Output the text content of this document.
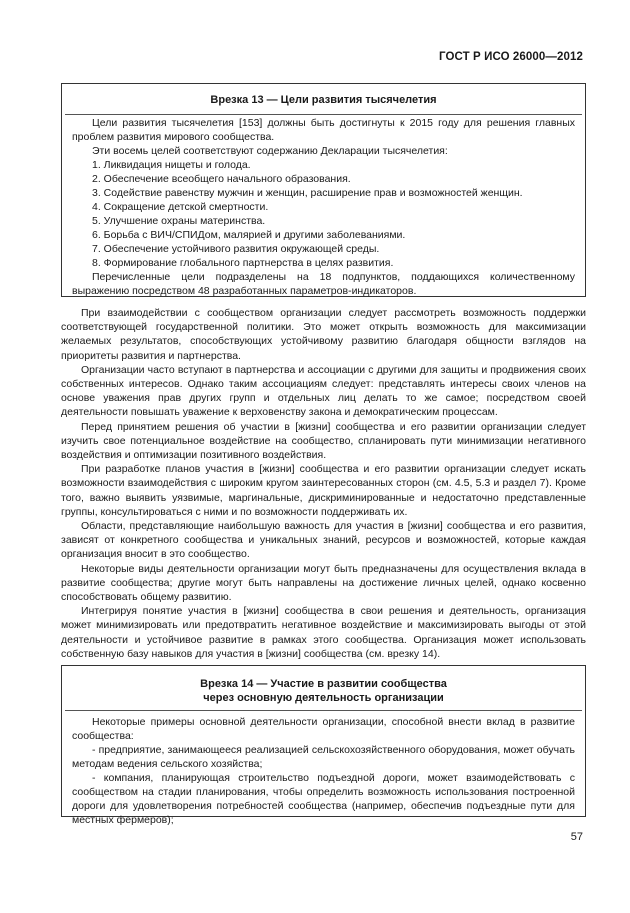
ГОСТ Р ИСО 26000—2012
Врезка 13 — Цели развития тысячелетия

Цели развития тысячелетия [153] должны быть достигнуты к 2015 году для решения главных проблем развития мирового сообщества.

Эти восемь целей соответствуют содержанию Декларации тысячелетия:

1. Ликвидация нищеты и голода.

2. Обеспечение всеобщего начального образования.

3. Содействие равенству мужчин и женщин, расширение прав и возможностей женщин.

4. Сокращение детской смертности.

5. Улучшение охраны материнства.

6. Борьба с ВИЧ/СПИДом, малярией и другими заболеваниями.

7. Обеспечение устойчивого развития окружающей среды.

8. Формирование глобального партнерства в целях развития.

Перечисленные цели подразделены на 18 подпунктов, поддающихся количественному выражению посредством 48 разработанных параметров-индикаторов.

При взаимодействии с сообществом организации следует рассмотреть возможность поддержки соответствующей государственной политики. Это может открыть возможность для максимизации желаемых результатов, способствующих устойчивому развитию благодаря общности взглядов на приоритеты развития и партнерства.

Организации часто вступают в партнерства и ассоциации с другими для защиты и продвижения своих собственных интересов. Однако таким ассоциациям следует: представлять интересы своих членов на основе уважения прав других групп и отдельных лиц делать то же самое; посредством своей деятельности повышать уважение к верховенству закона и демократическим процессам.

Перед принятием решения об участии в [жизни] сообщества и его развитии организации следует изучить свое потенциальное воздействие на сообщество, спланировать пути минимизации негативного воздействия и оптимизации позитивного воздействия.

При разработке планов участия в [жизни] сообщества и его развитии организации следует искать возможности взаимодействия с широким кругом заинтересованных сторон (см. 4.5, 5.3 и раздел 7). Кроме того, важно выявить уязвимые, маргинальные, дискриминированные и недостаточно представленные группы, консультироваться с ними и по возможности поддерживать их.

Области, представляющие наибольшую важность для участия в [жизни] сообщества и его развития, зависят от конкретного сообщества и уникальных знаний, ресурсов и возможностей, которые каждая организация вносит в это сообщество.

Некоторые виды деятельности организации могут быть предназначены для осуществления вклада в развитие сообщества; другие могут быть направлены на достижение личных целей, однако косвенно способствовать общему развитию.

Интегрируя понятие участия в [жизни] сообщества в свои решения и деятельность, организация может минимизировать или предотвратить негативное воздействие и максимизировать выгоды от этой деятельности и устойчивое развитие в рамках этого сообщества. Организация может использовать собственную базу навыков для участия в [жизни] сообщества (см. врезку 14).

Врезка 14 — Участие в развитии сообщества
через основную деятельность организации

Некоторые примеры основной деятельности организации, способной внести вклад в развитие сообщества:

- предприятие, занимающееся реализацией сельскохозяйственного оборудования, может обучать методам ведения сельского хозяйства;

- компания, планирующая строительство подъездной дороги, может взаимодействовать с сообществом на стадии планирования, чтобы определить возможность использования построенной дороги для удовлетворения потребностей сообщества (например, обеспечив подъездные пути для местных фермеров);

57
